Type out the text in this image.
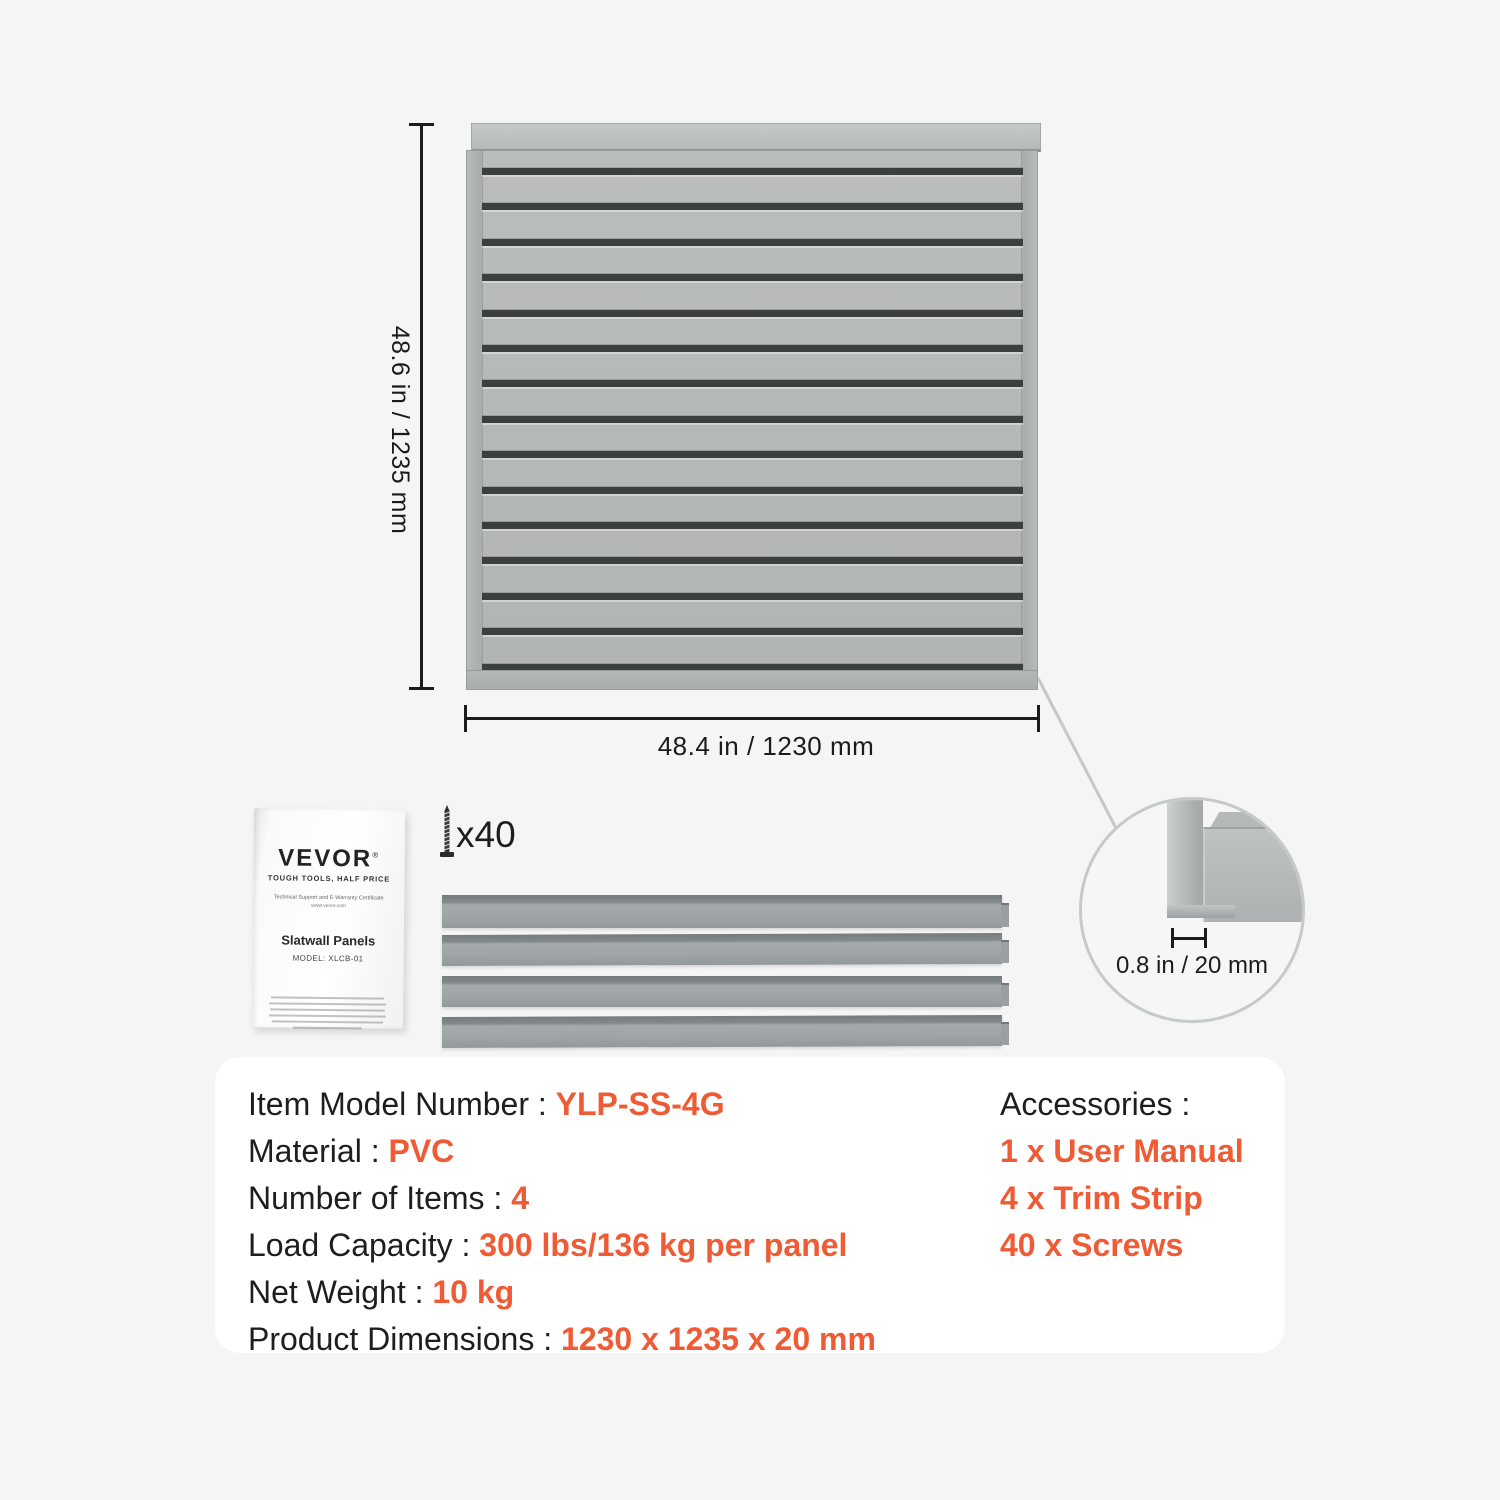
48.6 in / 1235 mm
48.4 in / 1230 mm
0.8 in / 20 mm
VEVOR®
TOUGH TOOLS, HALF PRICE
Technical Support and E-Warranty Certificate
www.vevor.com
Slatwall Panels
MODEL: XLCB-01
x40
Item Model Number : YLP-SS-4G
Material : PVC
Number of Items : 4
Load Capacity : 300 lbs/136 kg per panel
Net Weight : 10 kg
Product Dimensions : 1230 x 1235 x 20 mm
Accessories :
1 x User Manual
4 x Trim Strip
40 x Screws
